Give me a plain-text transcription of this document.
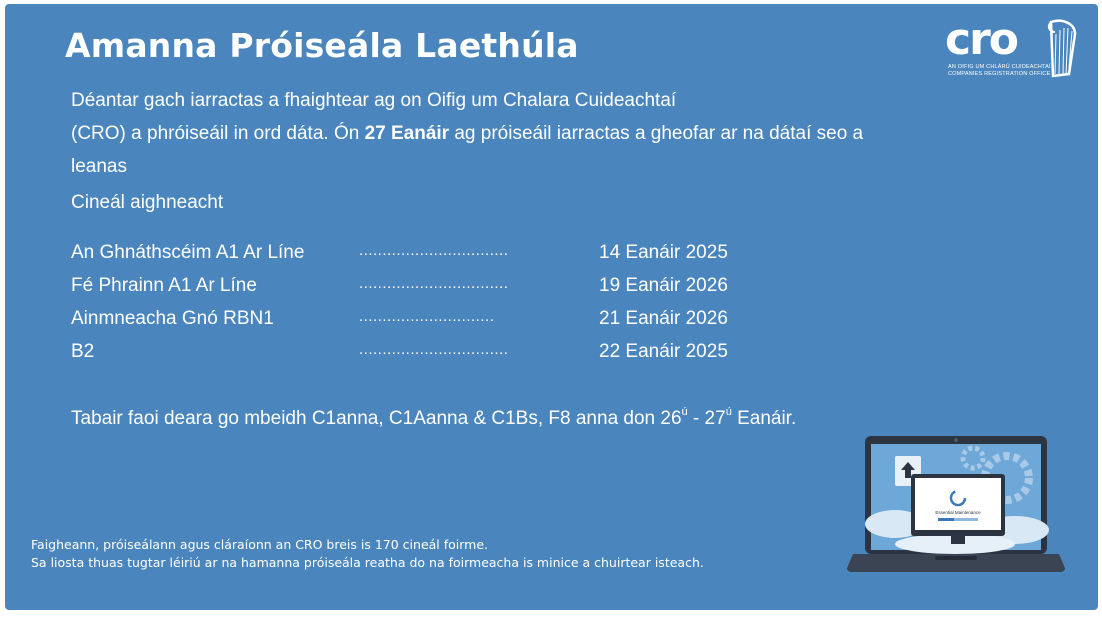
Amanna Próiseála Laethúla	cro
AN OIFIG UM CHLÁRÚ CUIDEACHTAÍ
COMPANIES REGISTRATION OFFICE

Déantar gach iarractas a fhaightear ag on Oifig um Chalara Cuideachtaí

(CRO) a phróiseáil in ord dáta. Ón 27 Eanáir ag próiseáil iarractas a gheofar ar na dátaí seo a

leanas

Cineál aighneacht
An Ghnáthscéim A1 Ar Líne	................................	14 Eanáir 2025
Fé Phrainn A1 Ar Líne	................................	19 Eanáir 2026
Ainmneacha Gnó RBN1	.............................	21 Eanáir 2026
B2	................................	22 Eanáir 2025
Tabair faoi deara go mbeidh C1anna, C1Aanna & C1Bs, F8 anna don $26^ú - 27^ú$ Eanáir.
Faigheann, próiseálann agus cláraíonn an CRO breis is 170 cineál foirme.
Sa liosta thuas tugtar léiriú ar na hamanna próiseála reatha do na foirmeacha is minice a chuirtear isteach.
Essential Maintenance
